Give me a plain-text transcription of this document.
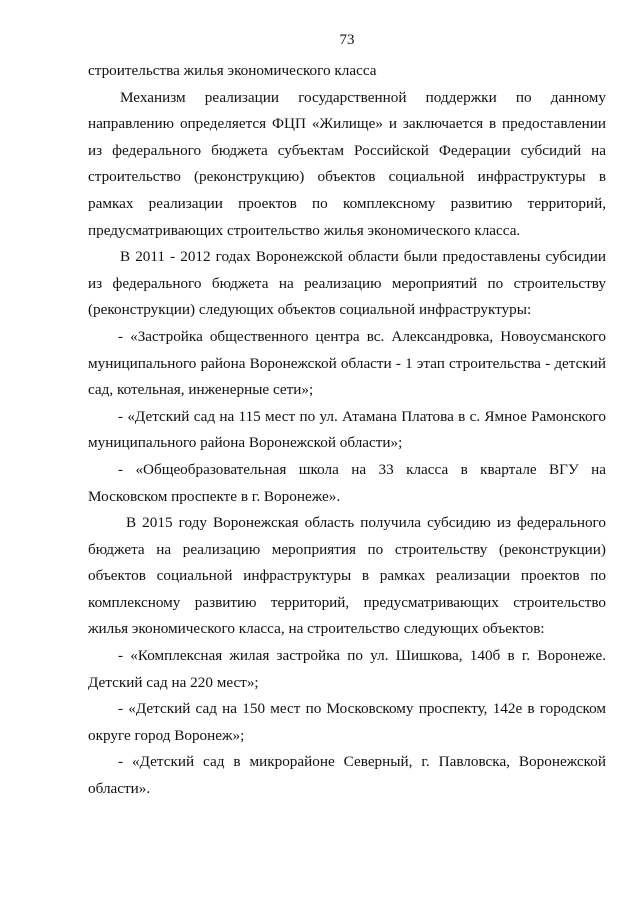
73

строительства жилья экономического класса

Механизм реализации государственной поддержки по данному направлению определяется ФЦП «Жилище» и заключается в предоставлении из федерального бюджета субъектам Российской Федерации субсидий на строительство (реконструкцию) объектов социальной инфраструктуры в рамках реализации проектов по комплексному развитию территорий, предусматривающих строительство жилья экономического класса.

В 2011 - 2012 годах Воронежской области были предоставлены субсидии из федерального бюджета на реализацию мероприятий по строительству (реконструкции) следующих объектов социальной инфраструктуры:

- «Застройка общественного центра вс. Александровка, Новоусманского муниципального района Воронежской области - 1 этап строительства - детский сад, котельная, инженерные сети»;

- «Детский сад на 115 мест по ул. Атамана Платова в с. Ямное Рамонского муниципального района Воронежской области»;

- «Общеобразовательная школа на 33 класса в квартале ВГУ на Московском проспекте в г. Воронеже».

В 2015 году Воронежская область получила субсидию из федерального бюджета на реализацию мероприятия по строительству (реконструкции) объектов социальной инфраструктуры в рамках реализации проектов по комплексному развитию территорий, предусматривающих строительство жилья экономического класса, на строительство следующих объектов:

- «Комплексная жилая застройка по ул. Шишкова, 140б в г. Воронеже. Детский сад на 220 мест»;

- «Детский сад на 150 мест по Московскому проспекту, 142е в городском округе город Воронеж»;

- «Детский сад в микрорайоне Северный, г. Павловска, Воронежской области».
